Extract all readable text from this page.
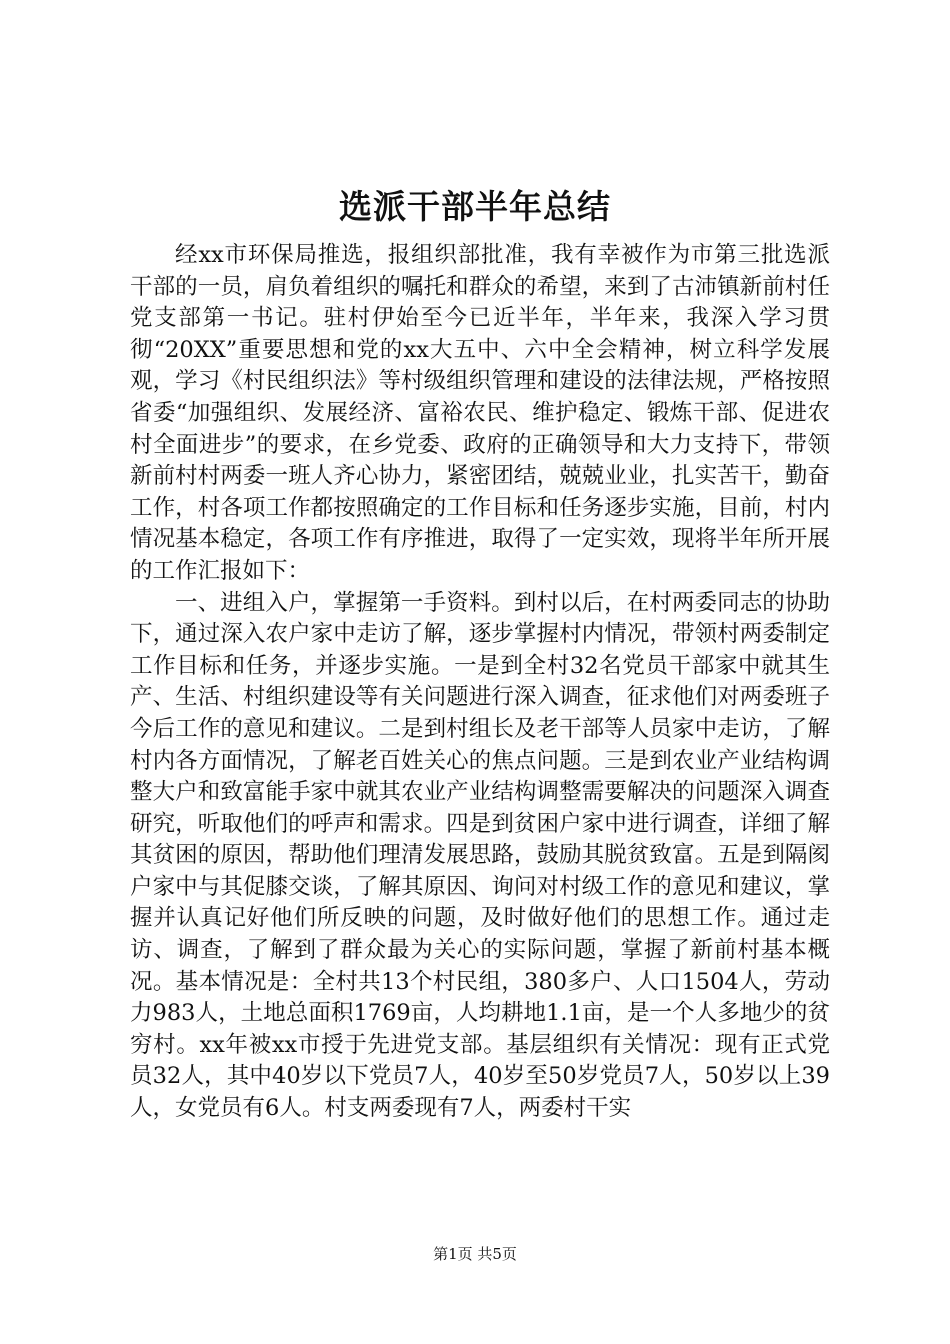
选派干部半年总结

经xx市环保局推选，报组织部批准，我有幸被作为市第三批选派干部的一员，肩负着组织的嘱托和群众的希望，来到了古沛镇新前村任党支部第一书记。驻村伊始至今已近半年，半年来，我深入学习贯彻“20XX”重要思想和党的xx大五中、六中全会精神，树立科学发展观，学习《村民组织法》等村级组织管理和建设的法律法规，严格按照省委“加强组织、发展经济、富裕农民、维护稳定、锻炼干部、促进农村全面进步”的要求，在乡党委、政府的正确领导和大力支持下，带领新前村村两委一班人齐心协力，紧密团结，兢兢业业，扎实苦干，勤奋工作，村各项工作都按照确定的工作目标和任务逐步实施，目前，村内情况基本稳定，各项工作有序推进，取得了一定实效，现将半年所开展的工作汇报如下：

一、进组入户，掌握第一手资料。到村以后，在村两委同志的协助下，通过深入农户家中走访了解，逐步掌握村内情况，带领村两委制定工作目标和任务，并逐步实施。一是到全村32名党员干部家中就其生产、生活、村组织建设等有关问题进行深入调查，征求他们对两委班子今后工作的意见和建议。二是到村组长及老干部等人员家中走访，了解村内各方面情况，了解老百姓关心的焦点问题。三是到农业产业结构调整大户和致富能手家中就其农业产业结构调整需要解决的问题深入调查研究，听取他们的呼声和需求。四是到贫困户家中进行调查，详细了解其贫困的原因，帮助他们理清发展思路，鼓励其脱贫致富。五是到隔阂户家中与其促膝交谈，了解其原因、询问对村级工作的意见和建议，掌握并认真记好他们所反映的问题，及时做好他们的思想工作。通过走访、调查，了解到了群众最为关心的实际问题，掌握了新前村基本概况。基本情况是：全村共13个村民组，380多户、人口1504人，劳动力983人，土地总面积1769亩，人均耕地1.1亩，是一个人多地少的贫穷村。xx年被xx市授于先进党支部。基层组织有关情况：现有正式党员32人，其中40岁以下党员7人，40岁至50岁党员7人，50岁以上39人，女党员有6人。村支两委现有7人，两委村干实

第1页 共5页
